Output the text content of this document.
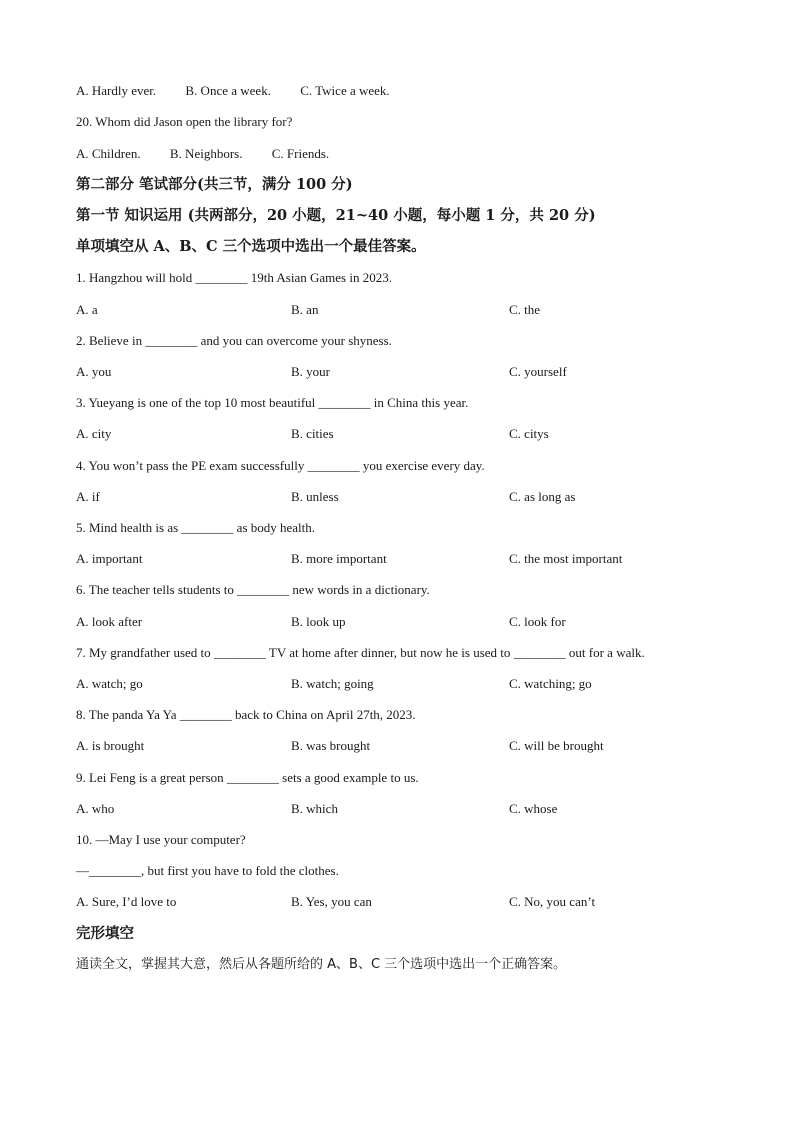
A. Hardly ever. B. Once a week. C. Twice a week.
20. Whom did Jason open the library for?
A. Children. B. Neighbors. C. Friends.
第二部分 笔试部分(共三节，满分 100 分)
第一节 知识运用 (共两部分，20 小题，21~40 小题，每小题 1 分，共 20 分)
单项填空从 A、B、C 三个选项中选出一个最佳答案。
1. Hangzhou will hold ________ 19th Asian Games in 2023.
A. a	B. an	C. the
2. Believe in ________ and you can overcome your shyness.
A. you	B. your	C. yourself
3. Yueyang is one of the top 10 most beautiful ________ in China this year.
A. city	B. cities	C. citys
4. You won’t pass the PE exam successfully ________ you exercise every day.
A. if	B. unless	C. as long as
5. Mind health is as ________ as body health.
A. important	B. more important	C. the most important
6. The teacher tells students to ________ new words in a dictionary.
A. look after	B. look up	C. look for
7. My grandfather used to ________ TV at home after dinner, but now he is used to ________ out for a walk.
A. watch; go	B. watch; going	C. watching; go
8. The panda Ya Ya ________ back to China on April 27th, 2023.
A. is brought	B. was brought	C. will be brought
9. Lei Feng is a great person ________ sets a good example to us.
A. who	B. which	C. whose
10. —May I use your computer?
—________, but first you have to fold the clothes.
A. Sure, I’d love to	B. Yes, you can	C. No, you can’t
完形填空
通读全文，掌握其大意，然后从各题所给的 A、B、C 三个选项中选出一个正确答案。
